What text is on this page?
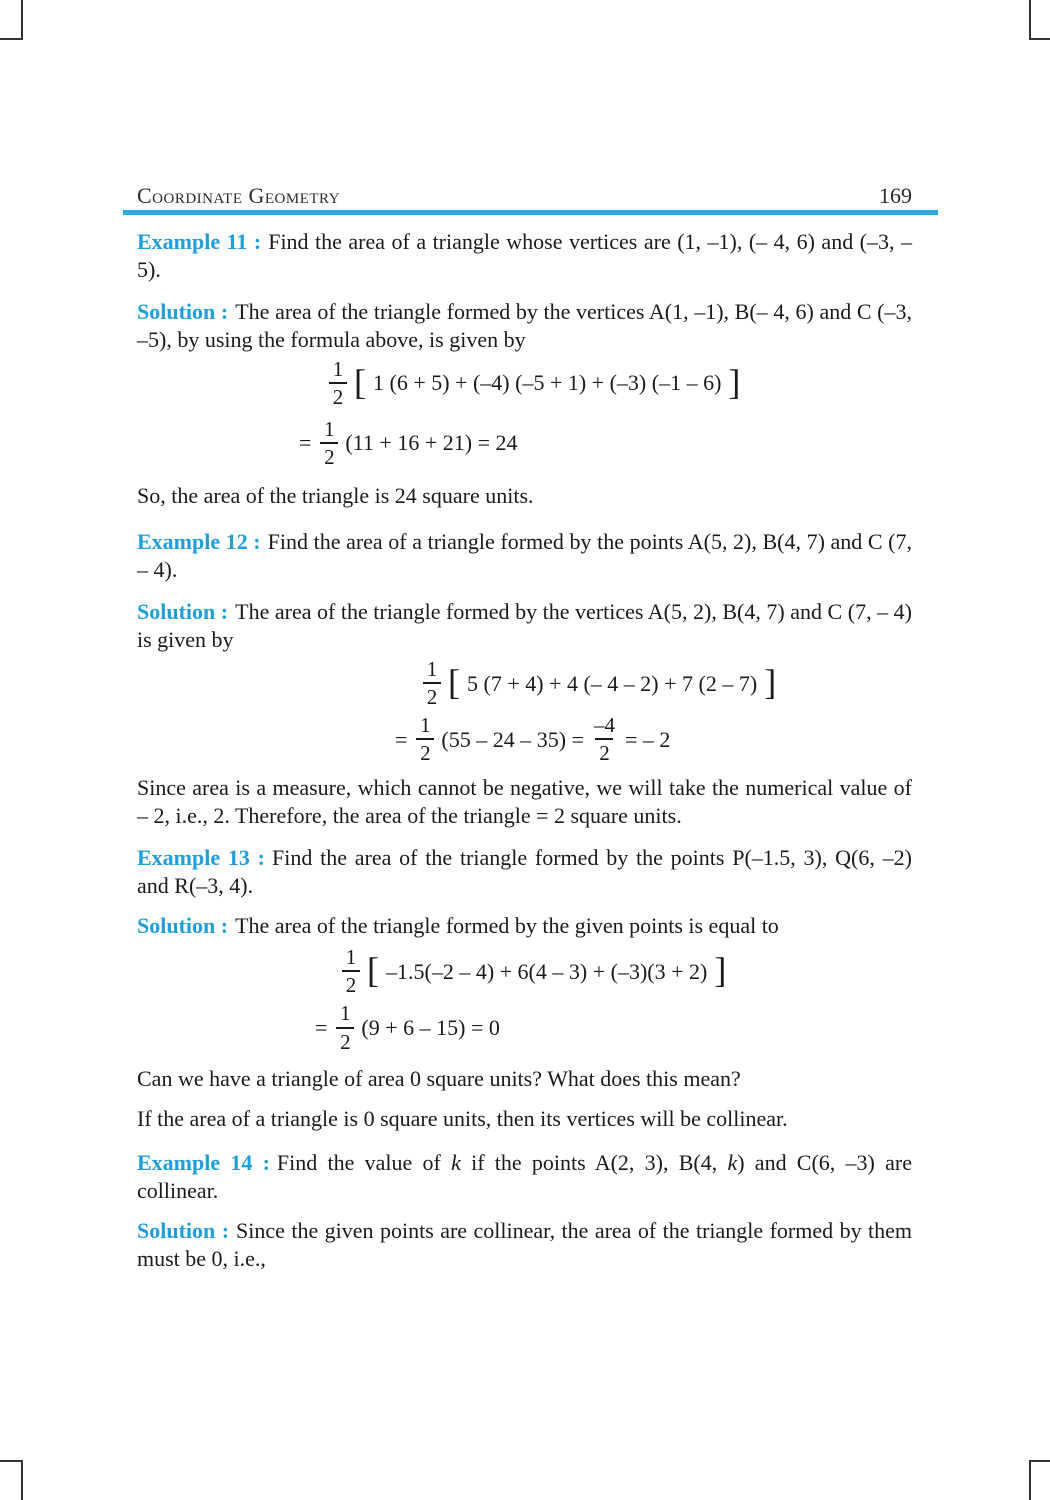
Coordinate Geometry	169

Example 11 : Find the area of a triangle whose vertices are (1, –1), (– 4, 6) and (–3, –5).

Solution : The area of the triangle formed by the vertices A(1, –1), B(– 4, 6) and C (–3, –5), by using the formula above, is given by

$\frac{1}{2}$ [ 1 (6 + 5) + (–4) (–5 + 1) + (–3) (–1 – 6) ]
= $\frac{1}{2} (11 + 16 + 21) = 24$

So, the area of the triangle is 24 square units.

Example 12 : Find the area of a triangle formed by the points A(5, 2), B(4, 7) and C (7, – 4).

Solution : The area of the triangle formed by the vertices A(5, 2), B(4, 7) and C (7, – 4) is given by

$\frac{1}{2}$ [ 5 (7 + 4) + 4 (– 4 – 2) + 7 (2 – 7) ]
= $\frac{1}{2} (55 - 24 - 35) = \frac{-4}{2}$ = – 2

Since area is a measure, which cannot be negative, we will take the numerical value of – 2, i.e., 2. Therefore, the area of the triangle = 2 square units.

Example 13 : Find the area of the triangle formed by the points P(–1.5, 3), Q(6, –2) and R(–3, 4).

Solution : The area of the triangle formed by the given points is equal to

$\frac{1}{2}$ [ –1.5(–2 – 4) + 6(4 – 3) + (–3)(3 + 2) ]
= $\frac{1}{2} (9 + 6 - 15) = 0$

Can we have a triangle of area 0 square units? What does this mean?

If the area of a triangle is 0 square units, then its vertices will be collinear.

Example 14 : Find the value of k if the points A(2, 3), B(4, k) and C(6, –3) are collinear.

Solution : Since the given points are collinear, the area of the triangle formed by them must be 0, i.e.,
